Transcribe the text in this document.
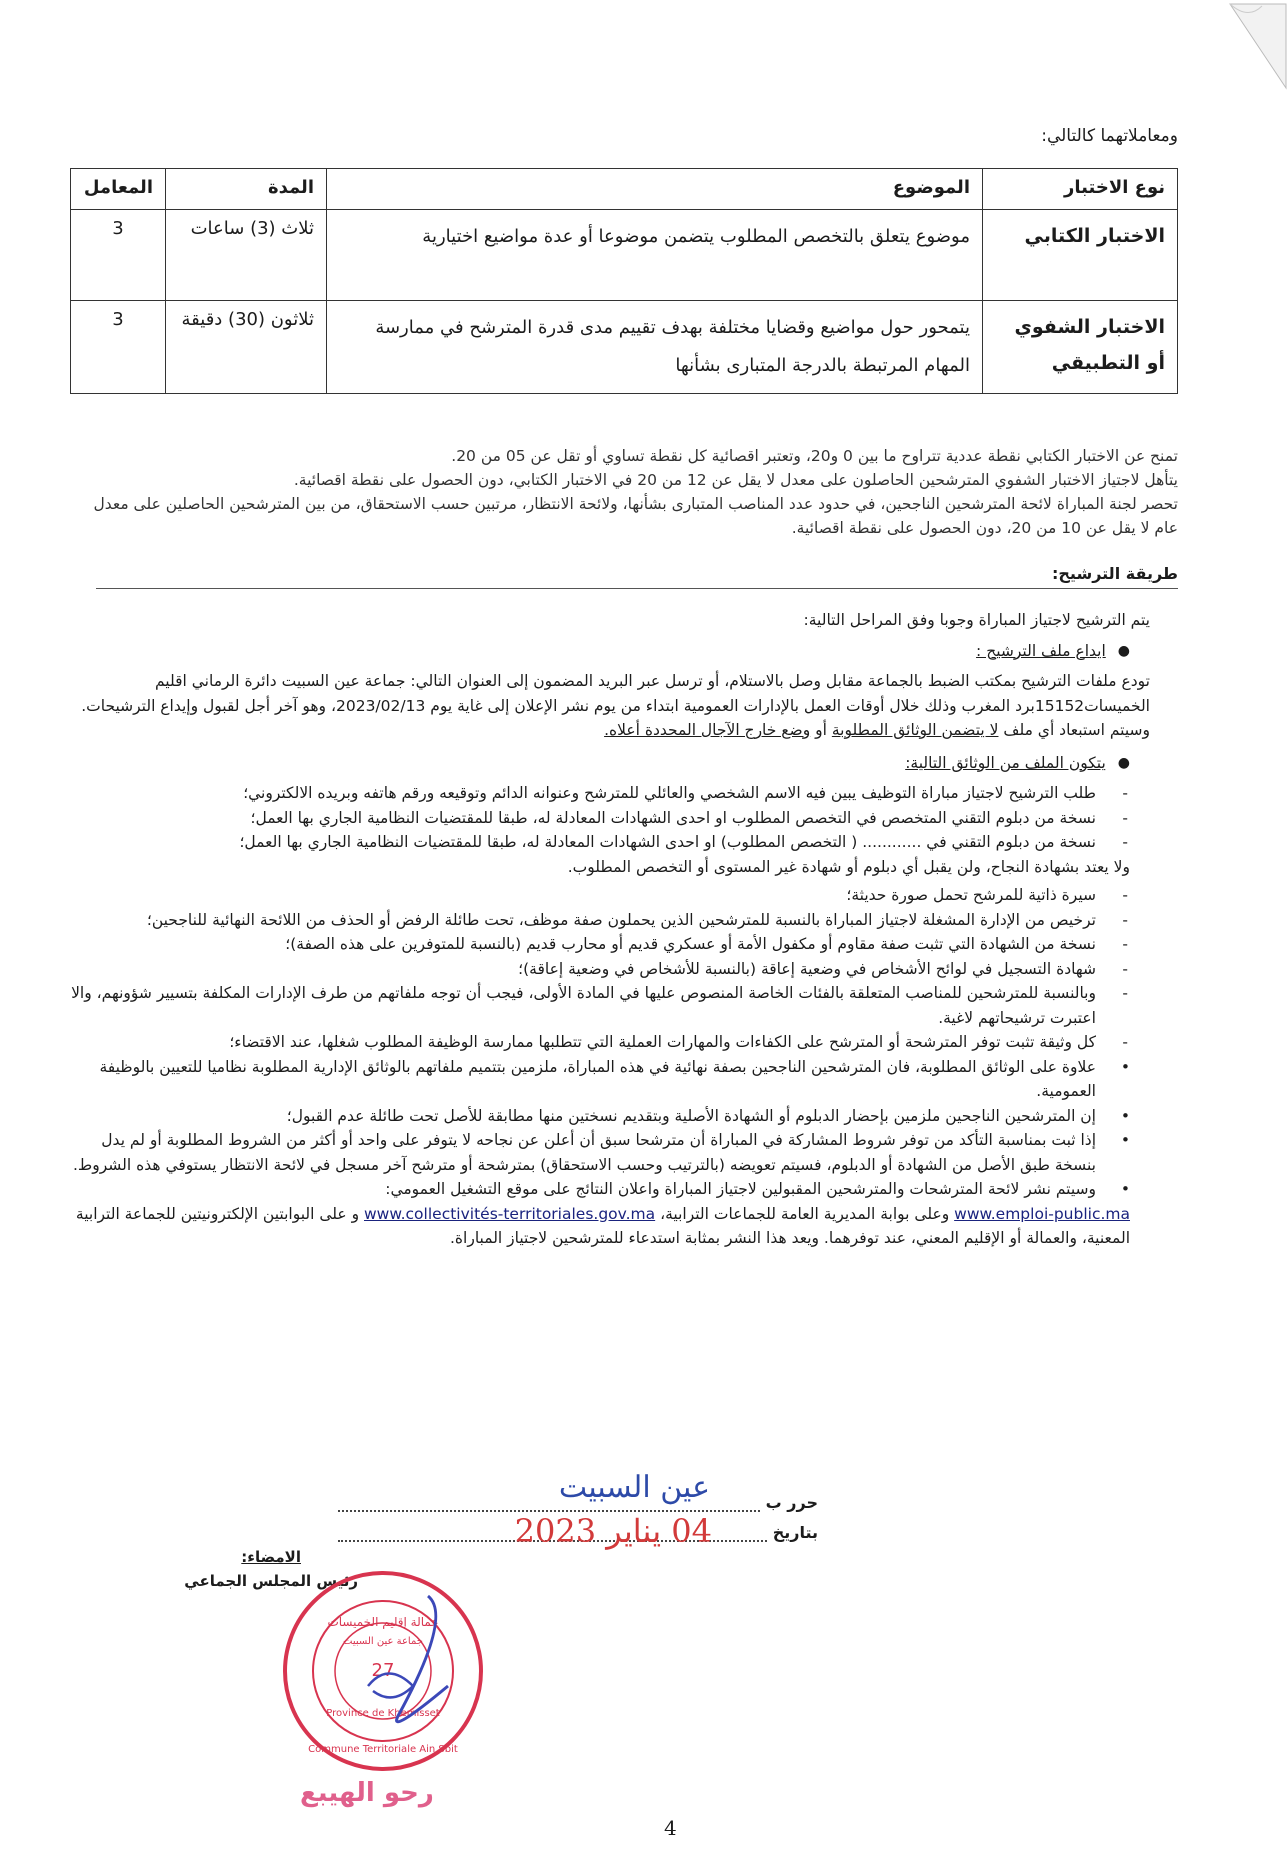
ومعاملاتهما كالتالي:
نوع الاختبار	الموضوع	المدة	المعامل
الاختبار الكتابي	موضوع يتعلق بالتخصص المطلوب يتضمن موضوعا أو عدة مواضيع اختيارية	ثلاث (3) ساعات	3
الاختبار الشفوي أو التطبيقي	يتمحور حول مواضيع وقضايا مختلفة بهدف تقييم مدى قدرة المترشح في ممارسة المهام المرتبطة بالدرجة المتبارى بشأنها	ثلاثون (30) دقيقة	3

تمنح عن الاختبار الكتابي نقطة عددية تتراوح ما بين 0 و20، وتعتبر اقصائية كل نقطة تساوي أو تقل عن 05 من 20.

يتأهل لاجتياز الاختبار الشفوي المترشحين الحاصلون على معدل لا يقل عن 12 من 20 في الاختبار الكتابي، دون الحصول على نقطة اقصائية.

تحصر لجنة المباراة لائحة المترشحين الناجحين، في حدود عدد المناصب المتبارى بشأنها، ولائحة الانتظار، مرتبين حسب الاستحقاق، من بين المترشحين الحاصلين على معدل عام لا يقل عن 10 من 20، دون الحصول على نقطة اقصائية.

طريقة الترشيح:

يتم الترشيح لاجتياز المباراة وجوبا وفق المراحل التالية:

●
ايداع ملف الترشيح :

تودع ملفات الترشيح بمكتب الضبط بالجماعة مقابل وصل بالاستلام، أو ترسل عبر البريد المضمون إلى العنوان التالي: جماعة عين السبيت دائرة الرماني اقليم الخميسات15152برد المغرب وذلك خلال أوقات العمل بالإدارات العمومية ابتداء من يوم نشر الإعلان إلى غاية يوم 2023/02/13، وهو آخر أجل لقبول وإيداع الترشيحات.

وسيتم استبعاد أي ملف لا يتضمن الوثائق المطلوبة أو وضع خارج الآجال المحددة أعلاه.

●
يتكون الملف من الوثائق التالية:
- طلب الترشيح لاجتياز مباراة التوظيف يبين فيه الاسم الشخصي والعائلي للمترشح وعنوانه الدائم وتوقيعه ورقم هاتفه وبريده الالكتروني؛
- نسخة من دبلوم التقني المتخصص في التخصص المطلوب او احدى الشهادات المعادلة له، طبقا للمقتضيات النظامية الجاري بها العمل؛
- نسخة من دبلوم التقني في ............ ( التخصص المطلوب) او احدى الشهادات المعادلة له، طبقا للمقتضيات النظامية الجاري بها العمل؛

ولا يعتد بشهادة النجاح، ولن يقبل أي دبلوم أو شهادة غير المستوى أو التخصص المطلوب.

- سيرة ذاتية للمرشح تحمل صورة حديثة؛
- ترخيص من الإدارة المشغلة لاجتياز المباراة بالنسبة للمترشحين الذين يحملون صفة موظف، تحت طائلة الرفض أو الحذف من اللائحة النهائية للناجحين؛
- نسخة من الشهادة التي تثبت صفة مقاوم أو مكفول الأمة أو عسكري قديم أو محارب قديم (بالنسبة للمتوفرين على هذه الصفة)؛
- شهادة التسجيل في لوائح الأشخاص في وضعية إعاقة (بالنسبة للأشخاص في وضعية إعاقة)؛
- وبالنسبة للمترشحين للمناصب المتعلقة بالفئات الخاصة المنصوص عليها في المادة الأولى، فيجب أن توجه ملفاتهم من طرف الإدارات المكلفة بتسيير شؤونهم، والا اعتبرت ترشيحاتهم لاغية.
- كل وثيقة تثبت توفر المترشحة أو المترشح على الكفاءات والمهارات العملية التي تتطلبها ممارسة الوظيفة المطلوب شغلها، عند الاقتضاء؛
• علاوة على الوثائق المطلوبة، فان المترشحين الناجحين بصفة نهائية في هذه المباراة، ملزمين بتتميم ملفاتهم بالوثائق الإدارية المطلوبة نظاميا للتعيين بالوظيفة العمومية.
• إن المترشحين الناجحين ملزمين بإحضار الدبلوم أو الشهادة الأصلية وبتقديم نسختين منها مطابقة للأصل تحت طائلة عدم القبول؛
• إذا ثبت بمناسبة التأكد من توفر شروط المشاركة في المباراة أن مترشحا سبق أن أعلن عن نجاحه لا يتوفر على واحد أو أكثر من الشروط المطلوبة أو لم يدل بنسخة طبق الأصل من الشهادة أو الدبلوم، فسيتم تعويضه (بالترتيب وحسب الاستحقاق) بمترشحة أو مترشح آخر مسجل في لائحة الانتظار يستوفي هذه الشروط.
• وسيتم نشر لائحة المترشحات والمترشحين المقبولين لاجتياز المباراة واعلان النتائج على موقع التشغيل العمومي:

www.emploi-public.ma وعلى بوابة المديرية العامة للجماعات الترابية، www.collectivités-territoriales.gov.ma و على البوابتين الإلكترونيتين للجماعة الترابية المعنية، والعمالة أو الإقليم المعني، عند توفرهما. ويعد هذا النشر بمثابة استدعاء للمترشحين لاجتياز المباراة.

حرر ب
بتاريخ
عين السبيت
04 يناير 2023
الامضاء:
رئيس المجلس الجماعي
27
عمالة إقليم الخميسات
جماعة عين السبيت
Province de Khemisset
Commune Territoriale Ain Sbit
رحو الهيبع
4
